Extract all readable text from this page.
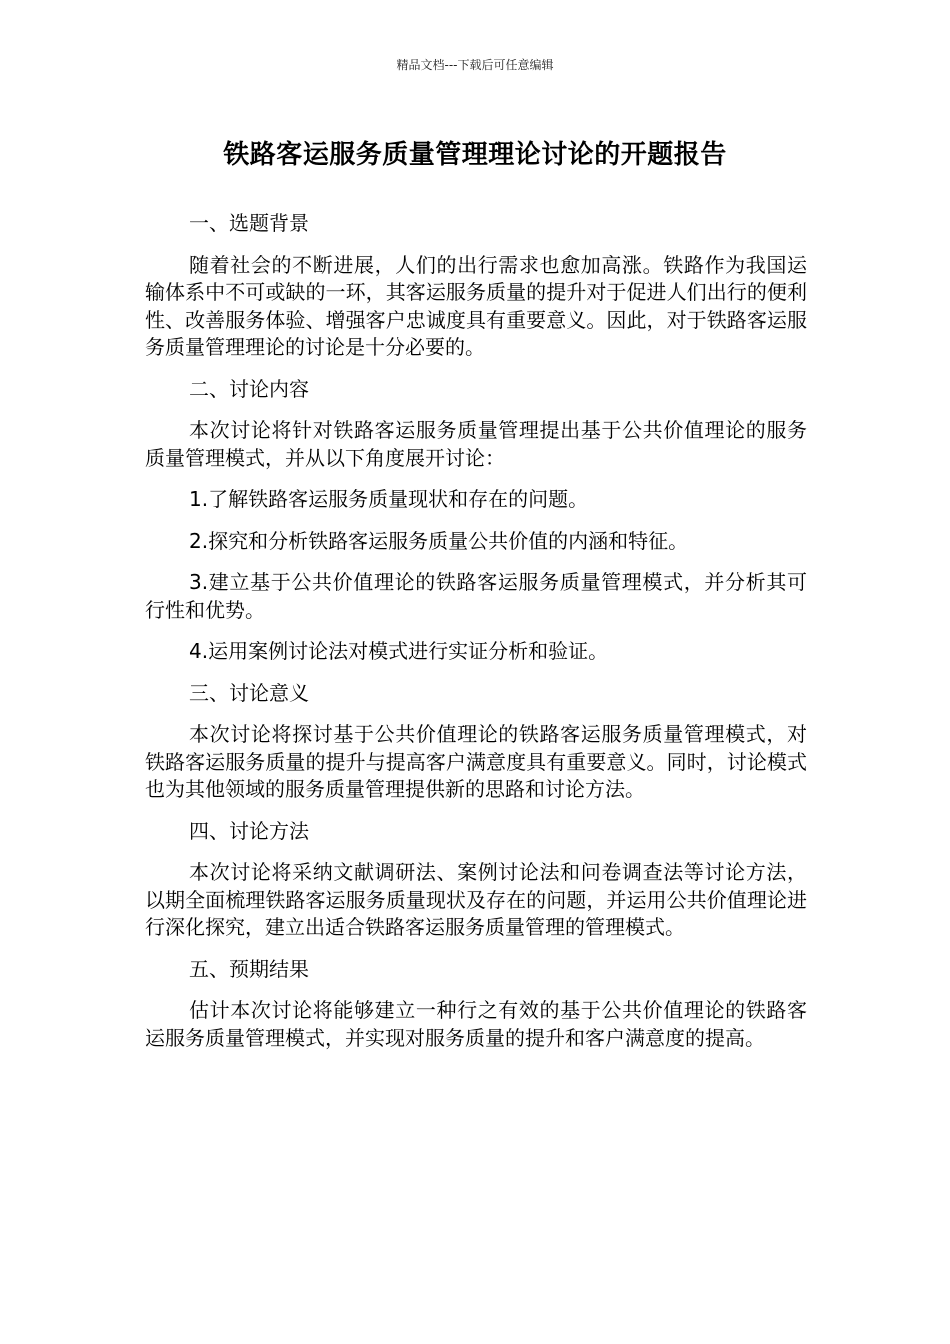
精品文档---下载后可任意编辑
铁路客运服务质量管理理论讨论的开题报告

一、选题背景

随着社会的不断进展，人们的出行需求也愈加高涨。铁路作为我国运输体系中不可或缺的一环，其客运服务质量的提升对于促进人们出行的便利性、改善服务体验、增强客户忠诚度具有重要意义。因此，对于铁路客运服务质量管理理论的讨论是十分必要的。

二、讨论内容

本次讨论将针对铁路客运服务质量管理提出基于公共价值理论的服务质量管理模式，并从以下角度展开讨论：

1.了解铁路客运服务质量现状和存在的问题。

2.探究和分析铁路客运服务质量公共价值的内涵和特征。

3.建立基于公共价值理论的铁路客运服务质量管理模式，并分析其可行性和优势。

4.运用案例讨论法对模式进行实证分析和验证。

三、讨论意义

本次讨论将探讨基于公共价值理论的铁路客运服务质量管理模式，对铁路客运服务质量的提升与提高客户满意度具有重要意义。同时，讨论模式也为其他领域的服务质量管理提供新的思路和讨论方法。

四、讨论方法

本次讨论将采纳文献调研法、案例讨论法和问卷调查法等讨论方法，以期全面梳理铁路客运服务质量现状及存在的问题，并运用公共价值理论进行深化探究，建立出适合铁路客运服务质量管理的管理模式。

五、预期结果

估计本次讨论将能够建立一种行之有效的基于公共价值理论的铁路客运服务质量管理模式，并实现对服务质量的提升和客户满意度的提高。
